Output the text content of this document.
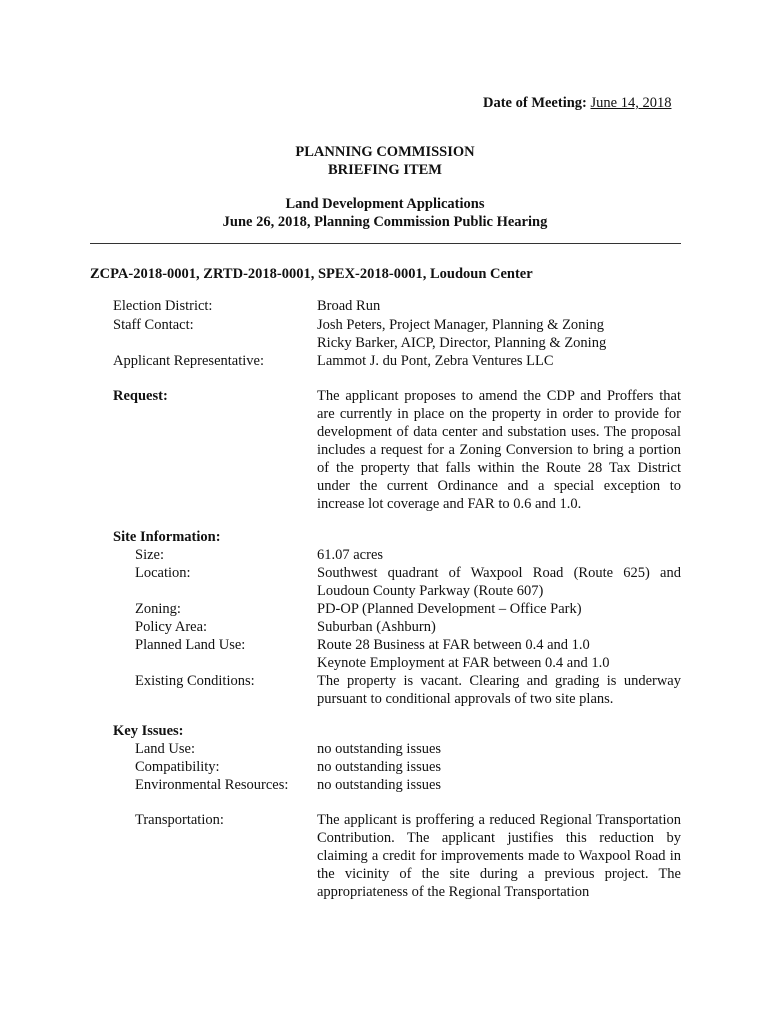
Date of Meeting: June 14, 2018
PLANNING COMMISSION
BRIEFING ITEM
Land Development Applications
June 26, 2018, Planning Commission Public Hearing
ZCPA-2018-0001, ZRTD-2018-0001, SPEX-2018-0001, Loudoun Center
Election District:	Broad Run
Staff Contact:	Josh Peters, Project Manager, Planning & Zoning
Ricky Barker, AICP, Director, Planning & Zoning
Applicant Representative:	Lammot J. du Pont, Zebra Ventures LLC
Request:	The applicant proposes to amend the CDP and Proffers that are currently in place on the property in order to provide for development of data center and substation uses. The proposal includes a request for a Zoning Conversion to bring a portion of the property that falls within the Route 28 Tax District under the current Ordinance and a special exception to increase lot coverage and FAR to 0.6 and 1.0.
Site Information:
Size:	61.07 acres
Location:	Southwest quadrant of Waxpool Road (Route 625) and Loudoun County Parkway (Route 607)
Zoning:	PD-OP (Planned Development – Office Park)
Policy Area:	Suburban (Ashburn)
Planned Land Use:	Route 28 Business at FAR between 0.4 and 1.0
Keynote Employment at FAR between 0.4 and 1.0
Existing Conditions:	The property is vacant. Clearing and grading is underway pursuant to conditional approvals of two site plans.
Key Issues:
Land Use:	no outstanding issues
Compatibility:	no outstanding issues
Environmental Resources: no outstanding issues
Transportation:	The applicant is proffering a reduced Regional Transportation Contribution. The applicant justifies this reduction by claiming a credit for improvements made to Waxpool Road in the vicinity of the site during a previous project. The appropriateness of the Regional Transportation
